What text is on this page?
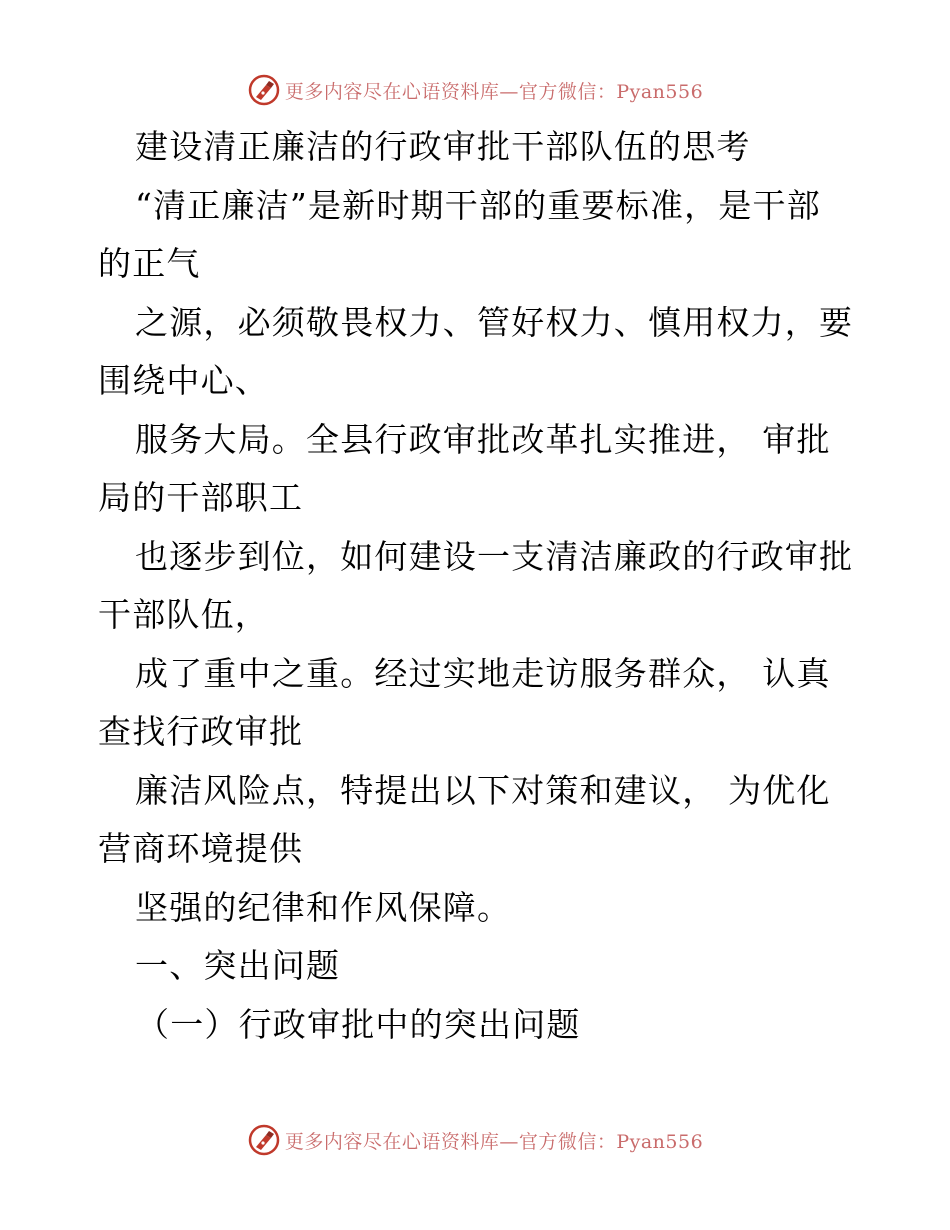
更多内容尽在心语资料库—官方微信：Pyan556
建设清正廉洁的行政审批干部队伍的思考
“清正廉洁”是新时期干部的重要标准，是干部
的正气
之源，必须敬畏权力、管好权力、慎用权力，要
围绕中心、
服务大局。全县行政审批改革扎实推进， 审批
局的干部职工
也逐步到位，如何建设一支清洁廉政的行政审批
干部队伍，
成了重中之重。经过实地走访服务群众， 认真
查找行政审批
廉洁风险点，特提出以下对策和建议， 为优化
营商环境提供
坚强的纪律和作风保障。
一、突出问题
（一）行政审批中的突出问题
更多内容尽在心语资料库—官方微信：Pyan556
